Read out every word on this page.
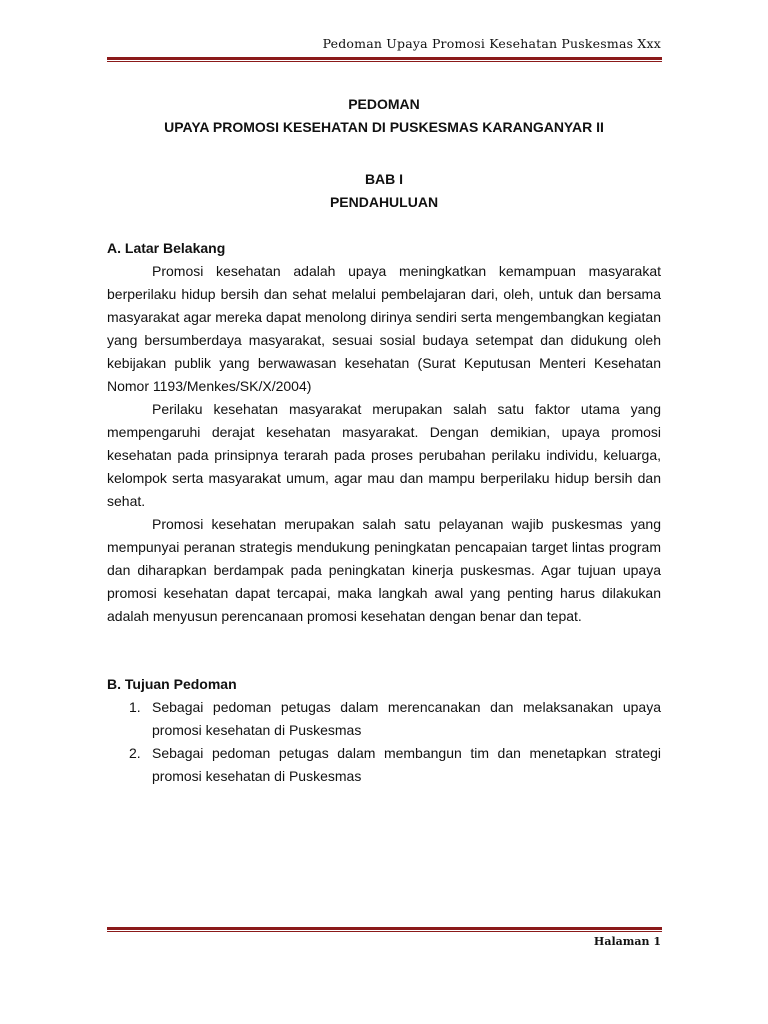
Pedoman Upaya Promosi Kesehatan Puskesmas Xxx
PEDOMAN
UPAYA PROMOSI KESEHATAN DI PUSKESMAS KARANGANYAR II
BAB I
PENDAHULUAN
A. Latar Belakang

Promosi kesehatan adalah upaya meningkatkan kemampuan masyarakat berperilaku hidup bersih dan sehat melalui pembelajaran dari, oleh, untuk dan bersama masyarakat agar mereka dapat menolong dirinya sendiri serta mengembangkan kegiatan yang bersumberdaya masyarakat, sesuai sosial budaya setempat dan didukung oleh kebijakan publik yang berwawasan kesehatan (Surat Keputusan Menteri Kesehatan Nomor 1193/Menkes/SK/X/2004)

Perilaku kesehatan masyarakat merupakan salah satu faktor utama yang mempengaruhi derajat kesehatan masyarakat. Dengan demikian, upaya promosi kesehatan pada prinsipnya terarah pada proses perubahan perilaku individu, keluarga, kelompok serta masyarakat umum, agar mau dan mampu berperilaku hidup bersih dan sehat.

Promosi kesehatan merupakan salah satu pelayanan wajib puskesmas yang mempunyai peranan strategis mendukung peningkatan pencapaian target lintas program dan diharapkan berdampak pada peningkatan kinerja puskesmas. Agar tujuan upaya promosi kesehatan dapat tercapai, maka langkah awal yang penting harus dilakukan adalah menyusun perencanaan promosi kesehatan dengan benar dan tepat.

B. Tujuan Pedoman
1. Sebagai pedoman petugas dalam merencanakan dan melaksanakan upaya promosi kesehatan di Puskesmas
2. Sebagai pedoman petugas dalam membangun tim dan menetapkan strategi promosi kesehatan di Puskesmas
Halaman 1
